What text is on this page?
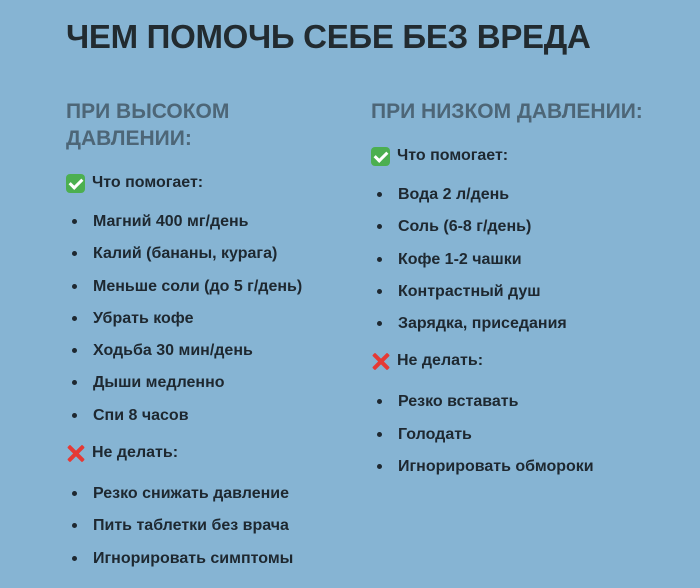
ЧЕМ ПОМОЧЬ СЕБЕ БЕЗ ВРЕДА
ПРИ ВЫСОКОМ
ДАВЛЕНИИ:
Что помогает:
Магний 400 мг/день
Калий (бананы, курага)
Меньше соли (до 5 г/день)
Убрать кофе
Ходьба 30 мин/день
Дыши медленно
Спи 8 часов
Не делать:
Резко снижать давление
Пить таблетки без врача
Игнорировать симптомы
ПРИ НИЗКОМ ДАВЛЕНИИ:
Что помогает:
Вода 2 л/день
Соль (6-8 г/день)
Кофе 1-2 чашки
Контрастный душ
Зарядка, приседания
Не делать:
Резко вставать
Голодать
Игнорировать обмороки
